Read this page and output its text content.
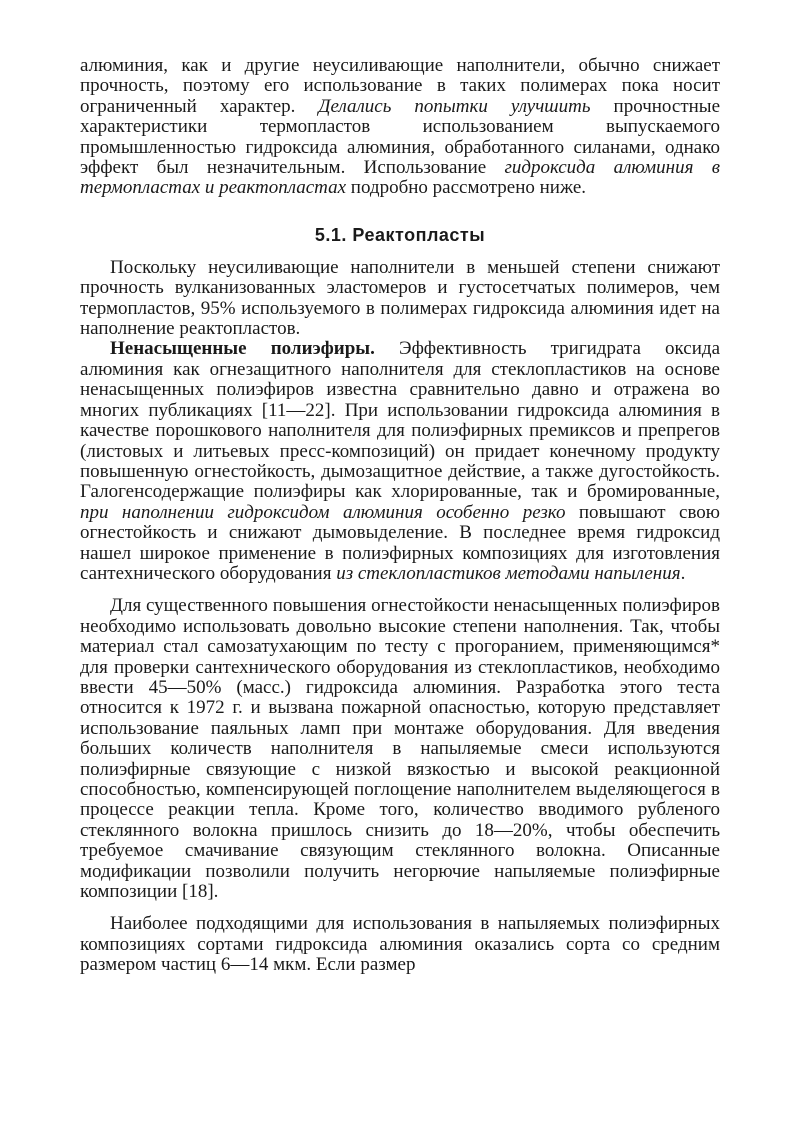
алюминия, как и другие неусиливающие наполнители, обычно снижает прочность, поэтому его использование в таких полимерах пока носит ограниченный характер. Делались попытки улучшить прочностные характеристики термопластов использованием выпускаемого промышленностью гидроксида алюминия, обработанного силанами, однако эффект был незначительным. Использование гидроксида алюминия в термопластах и реактопластах подробно рассмотрено ниже.

5.1. Реактопласты

Поскольку неусиливающие наполнители в меньшей степени снижают прочность вулканизованных эластомеров и густосетчатых полимеров, чем термопластов, 95% используемого в полимерах гидроксида алюминия идет на наполнение реактопластов.

Ненасыщенные полиэфиры. Эффективность тригидрата оксида алюминия как огнезащитного наполнителя для стеклопластиков на основе ненасыщенных полиэфиров известна сравнительно давно и отражена во многих публикациях [11—22]. При использовании гидроксида алюминия в качестве порошкового наполнителя для полиэфирных премиксов и препрегов (листовых и литьевых пресс-композиций) он придает конечному продукту повышенную огнестойкость, дымозащитное действие, а также дугостойкость. Галогенсодержащие полиэфиры как хлорированные, так и бромированные, при наполнении гидроксидом алюминия особенно резко повышают свою огнестойкость и снижают дымовыделение. В последнее время гидроксид нашел широкое применение в полиэфирных композициях для изготовления сантехнического оборудования из стеклопластиков методами напыления.

Для существенного повышения огнестойкости ненасыщенных полиэфиров необходимо использовать довольно высокие степени наполнения. Так, чтобы материал стал самозатухающим по тесту с прогоранием, применяющимся* для проверки сантехнического оборудования из стеклопластиков, необходимо ввести 45—50% (масс.) гидроксида алюминия. Разработка этого теста относится к 1972 г. и вызвана пожарной опасностью, которую представляет использование паяльных ламп при монтаже оборудования. Для введения больших количеств наполнителя в напыляемые смеси используются полиэфирные связующие с низкой вязкостью и высокой реакционной способностью, компенсирующей поглощение наполнителем выделяющегося в процессе реакции тепла. Кроме того, количество вводимого рубленого стеклянного волокна пришлось снизить до 18—20%, чтобы обеспечить требуемое смачивание связующим стеклянного волокна. Описанные модификации позволили получить негорючие напыляемые полиэфирные композиции [18].

Наиболее подходящими для использования в напыляемых полиэфирных композициях сортами гидроксида алюминия оказались сорта со средним размером частиц 6—14 мкм. Если размер
